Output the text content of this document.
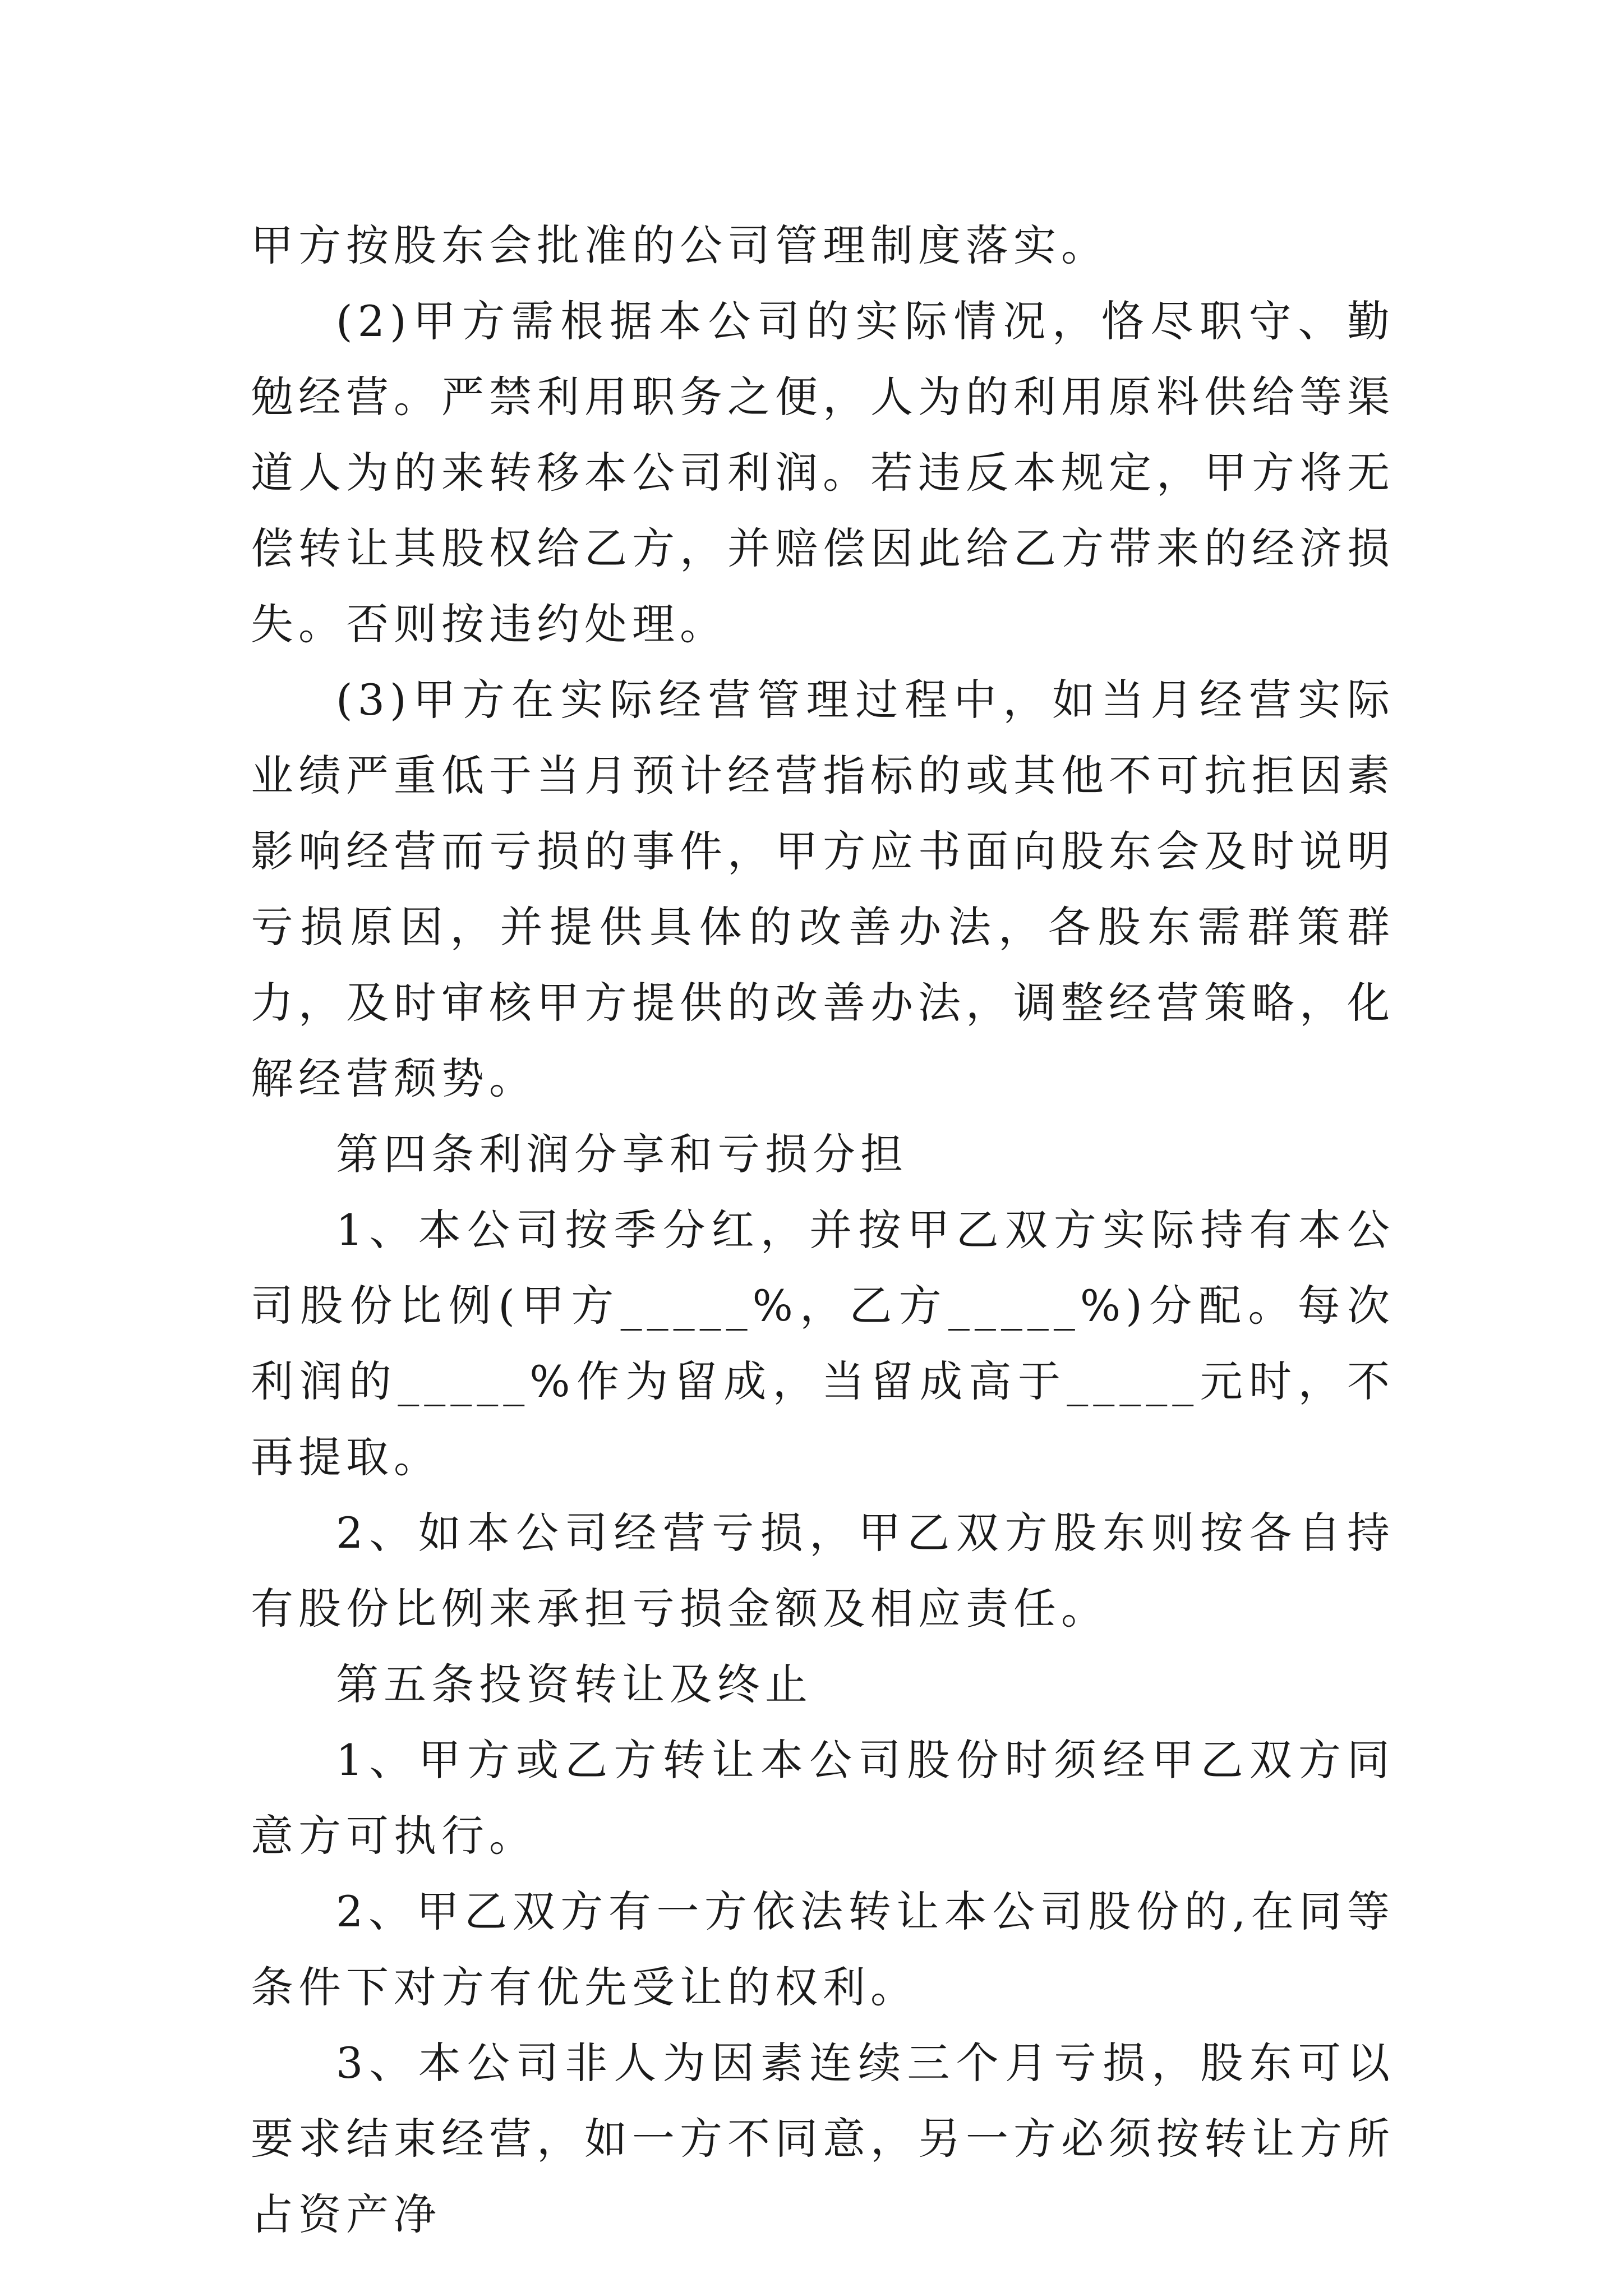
甲方按股东会批准的公司管理制度落实。

(2)甲方需根据本公司的实际情况，恪尽职守、勤勉经营。严禁利用职务之便，人为的利用原料供给等渠道人为的来转移本公司利润。若违反本规定，甲方将无偿转让其股权给乙方，并赔偿因此给乙方带来的经济损失。否则按违约处理。

(3)甲方在实际经营管理过程中，如当月经营实际业绩严重低于当月预计经营指标的或其他不可抗拒因素影响经营而亏损的事件，甲方应书面向股东会及时说明亏损原因，并提供具体的改善办法，各股东需群策群力，及时审核甲方提供的改善办法，调整经营策略，化解经营颓势。

第四条利润分享和亏损分担

1、本公司按季分红，并按甲乙双方实际持有本公司股份比例(甲方_____%，乙方_____%)分配。每次利润的_____%作为留成，当留成高于_____元时，不再提取。

2、如本公司经营亏损，甲乙双方股东则按各自持有股份比例来承担亏损金额及相应责任。

第五条投资转让及终止

1、甲方或乙方转让本公司股份时须经甲乙双方同意方可执行。

2、甲乙双方有一方依法转让本公司股份的,在同等条件下对方有优先受让的权利。

3、本公司非人为因素连续三个月亏损，股东可以要求结束经营，如一方不同意，另一方必须按转让方所占资产净
